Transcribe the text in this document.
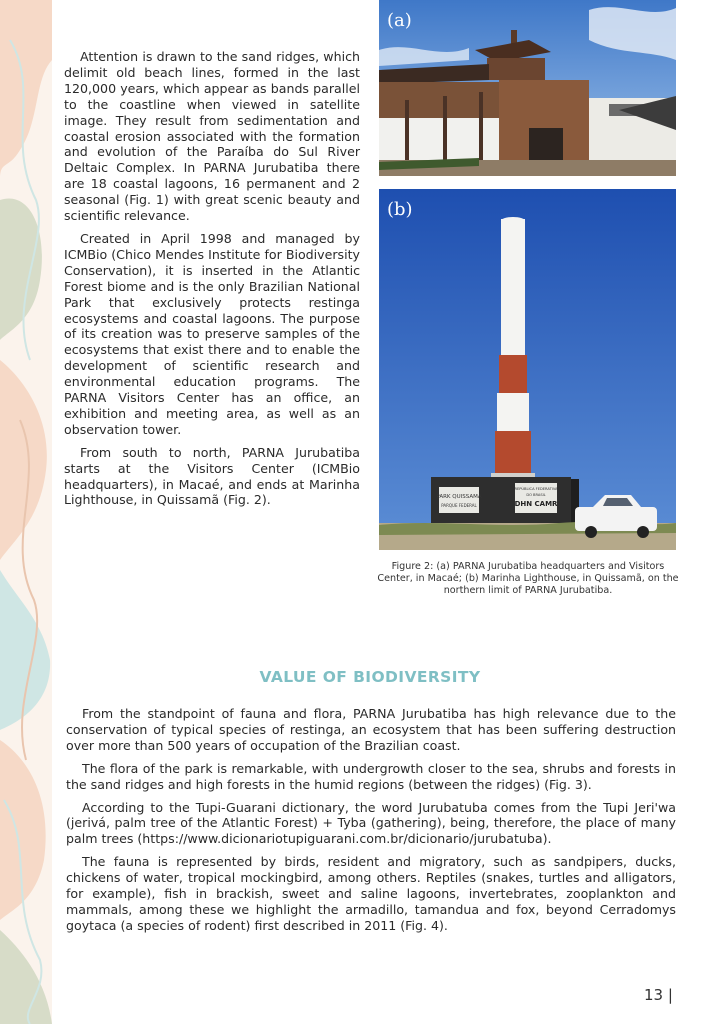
Attention is drawn to the sand ridges, which delimit old beach lines, formed in the last 120,000 years, which appear as bands parallel to the coastline when viewed in satellite image. They result from sedimentation and coastal erosion associated with the formation and evolution of the Paraíba do Sul River Deltaic Complex. In PARNA Jurubatiba there are 18 coastal lagoons, 16 permanent and 2 seasonal (Fig. 1) with great scenic beauty and scientific relevance.

Created in April 1998 and managed by ICMBio (Chico Mendes Institute for Biodiversity Conservation), it is inserted in the Atlantic Forest biome and is the only Brazilian National Park that exclusively protects restinga ecosystems and coastal lagoons. The purpose of its creation was to preserve samples of the ecosystems that exist there and to enable the development of scientific research and environmental education programs. The PARNA Visitors Center has an office, an exhibition and meeting area, as well as an observation tower.

From south to north, PARNA Jurubatiba starts at the Visitors Center (ICMBio headquarters), in Macaé, and ends at Marinha Lighthouse, in Quissamã (Fig. 2).

(a)
PARK QUISSAMA
PARQUE FEDERAL
REPÚBLICA FEDERATIVA
DO BRASIL
DHN CAMR
(b)
Figure 2: (a) PARNA Jurubatiba headquarters and Visitors Center, in Macaé; (b) Marinha Lighthouse, in Quissamã, on the northern limit of PARNA Jurubatiba.
VALUE OF BIODIVERSITY

From the standpoint of fauna and flora, PARNA Jurubatiba has high relevance due to the conservation of typical species of restinga, an ecosystem that has been suffering destruction over more than 500 years of occupation of the Brazilian coast.

The flora of the park is remarkable, with undergrowth closer to the sea, shrubs and forests in the sand ridges and high forests in the humid regions (between the ridges) (Fig. 3).

According to the Tupi-Guarani dictionary, the word Jurubatuba comes from the Tupi Jeri'wa (jerivá, palm tree of the Atlantic Forest) + Tyba (gathering), being, therefore, the place of many palm trees (https://www.dicionariotupiguarani.com.br/dicionario/jurubatuba).

The fauna is represented by birds, resident and migratory, such as sandpipers, ducks, chickens of water, tropical mockingbird, among others. Reptiles (snakes, turtles and alligators, for example), fish in brackish, sweet and saline lagoons, invertebrates, zooplankton and mammals, among these we highlight the armadillo, tamandua and fox, beyond Cerradomys goytaca (a species of rodent) first described in 2011 (Fig. 4).

13 |
